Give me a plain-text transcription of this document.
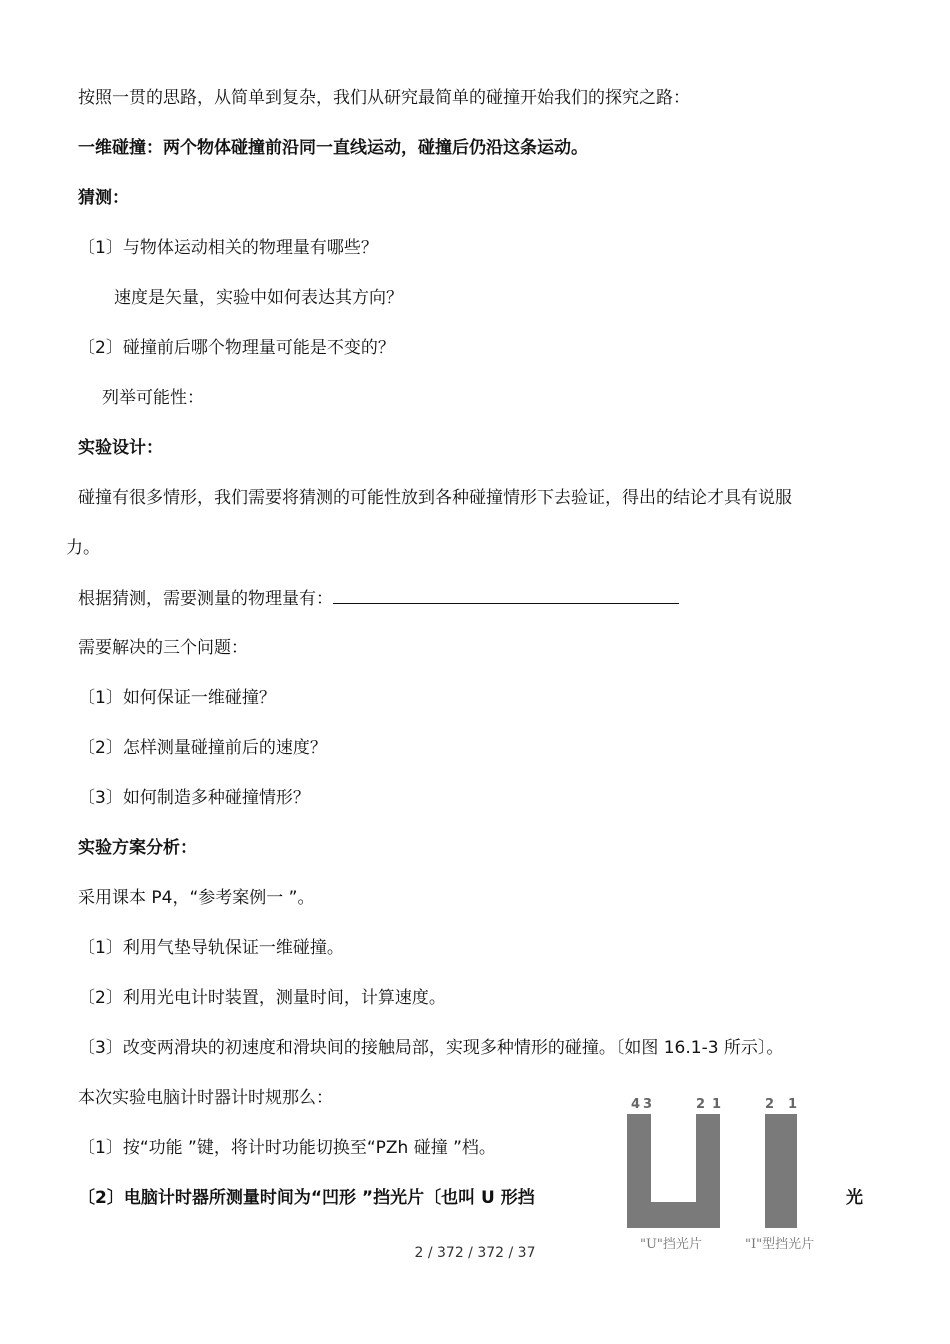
按照一贯的思路，从简单到复杂，我们从研究最简单的碰撞开始我们的探究之路：
一维碰撞：两个物体碰撞前沿同一直线运动，碰撞后仍沿这条运动。
猜测：
〔1〕与物体运动相关的物理量有哪些？
速度是矢量，实验中如何表达其方向？
〔2〕碰撞前后哪个物理量可能是不变的？
列举可能性：
实验设计：
碰撞有很多情形，我们需要将猜测的可能性放到各种碰撞情形下去验证，得出的结论才具有说服
力。
根据猜测，需要测量的物理量有：
需要解决的三个问题：
〔1〕如何保证一维碰撞？
〔2〕怎样测量碰撞前后的速度？
〔3〕如何制造多种碰撞情形？
实验方案分析：
采用课本 P4，“参考案例一 ”。
〔1〕利用气垫导轨保证一维碰撞。
〔2〕利用光电计时装置，测量时间，计算速度。
〔3〕改变两滑块的初速度和滑块间的接触局部，实现多种情形的碰撞。〔如图 16.1-3 所示〕。
本次实验电脑计时器计时规那么：
〔1〕按“功能 ”键，将计时功能切换至“PZh 碰撞 ”档。
〔2〕电脑计时器所测量时间为“凹形 ”挡光片〔也叫 U 形挡	光
4 3	2 1
"U"挡光片
2 1
"I"型挡光片
2 / 372 / 372 / 37
